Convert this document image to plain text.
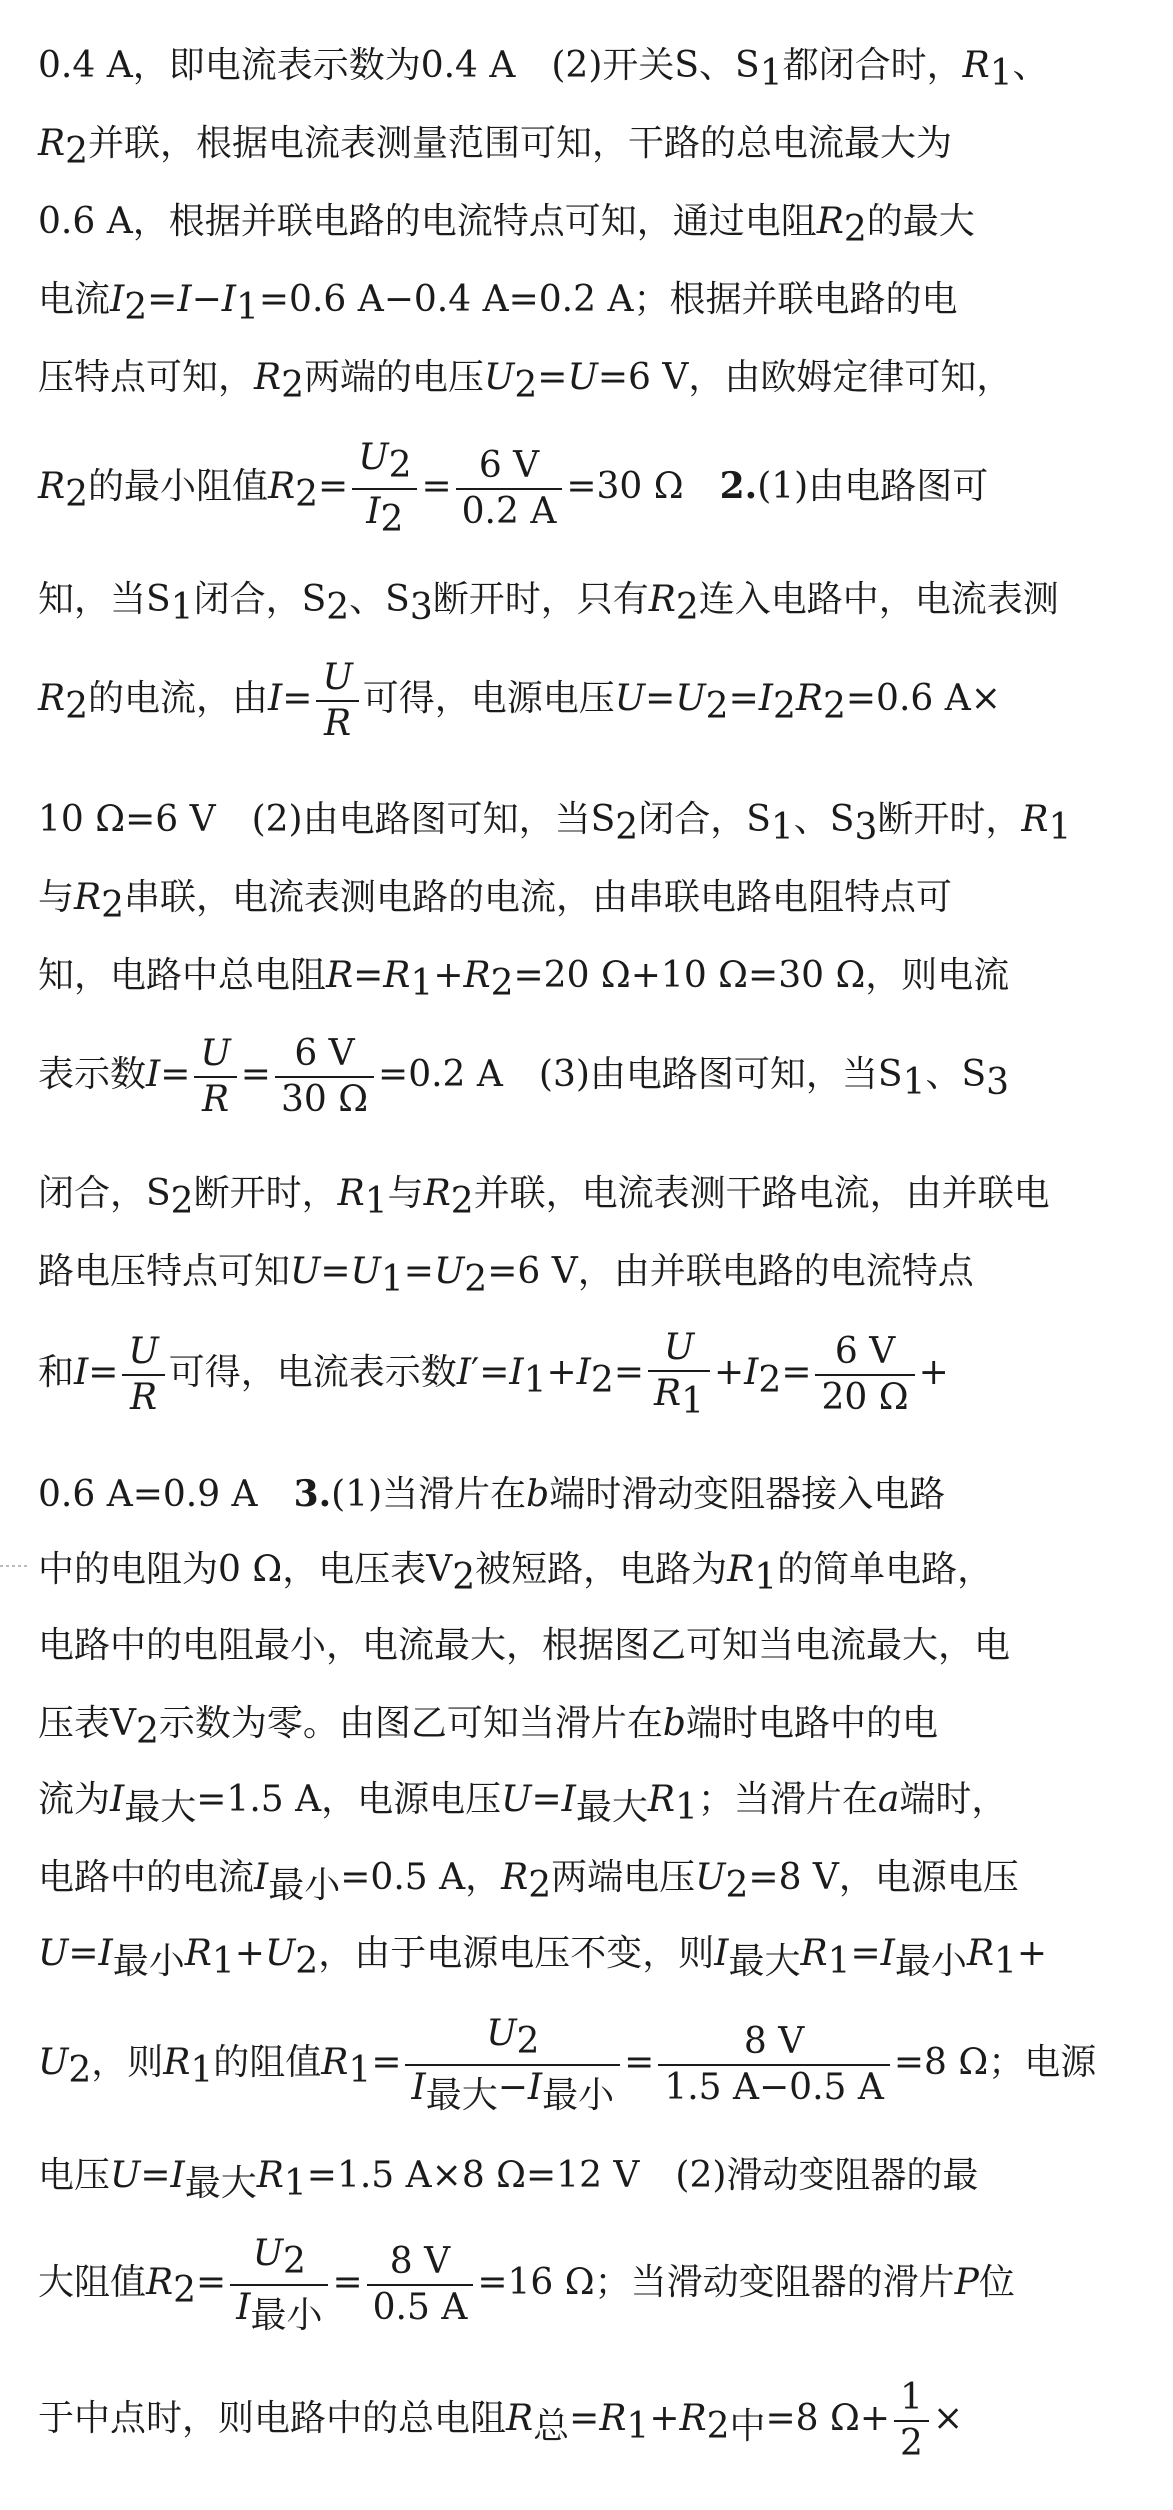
0.4 A，即电流表示数为0.4 A　(2)开关S、S1都闭合时，R1、
R2并联，根据电流表测量范围可知，干路的总电流最大为
0.6 A，根据并联电路的电流特点可知，通过电阻R2的最大
电流I2=I−I1=0.6 A−0.4 A=0.2 A；根据并联电路的电
压特点可知，R2两端的电压U2=U=6 V，由欧姆定律可知，
R2的最小阻值$R2= \frac{U2}{I2} = \frac{6 V}{0.2 A} =30$ Ω　2.(1)由电路图可
知，当S1闭合，S2、S3断开时，只有R2连入电路中，电流表测
R2的电流，由$I= \frac{U}{R}$ 可得，电源电压U=U2=I2R2=0.6 A×
10 Ω=6 V　(2)由电路图可知，当S2闭合，S1、S3断开时，R1
与R2串联，电流表测电路的电流，由串联电路电阻特点可
知，电路中总电阻R=R1+R2=20 Ω+10 Ω=30 Ω，则电流
表示数$I= \frac{U}{R} = \frac{6 V}{30 \Omega} =0.2$ A　(3)由电路图可知，当S1、S3
闭合，S2断开时，R1与R2并联，电流表测干路电流，由并联电
路电压特点可知U=U1=U2=6 V，由并联电路的电流特点
和$I= \frac{U}{R}$ 可得，电流表示数$I'=I1+I2= \frac{U}{R1} +I2= \frac{6 V}{20 \Omega}$ +
0.6 A=0.9 A　3.(1)当滑片在b端时滑动变阻器接入电路
中的电阻为0 Ω，电压表V2被短路，电路为R1的简单电路，
电路中的电阻最小，电流最大，根据图乙可知当电流最大，电
压表V2示数为零。由图乙可知当滑片在b端时电路中的电
流为I最大=1.5 A，电源电压U=I最大R1；当滑片在a端时，
电路中的电流I最小=0.5 A，R2两端电压U2=8 V，电源电压
U=I最小R1+U2，由于电源电压不变，则I最大R1=I最小R1+
U2，则R1的阻值$R1= \frac{U2}{\text{I最大−I最小}} = \frac{8 V}{1.5 A-0.5 A} =8$ Ω；电源
电压U=I最大R1=1.5 A×8 Ω=12 V　(2)滑动变阻器的最
大阻值$R2= \frac{U2}{\text{I最小}} = \frac{8 V}{0.5 A} =16$ Ω；当滑动变阻器的滑片P位
于中点时，则电路中的总电阻R总=R1+R2中=8 $\Omega+ \frac{1}{2}$ ×
